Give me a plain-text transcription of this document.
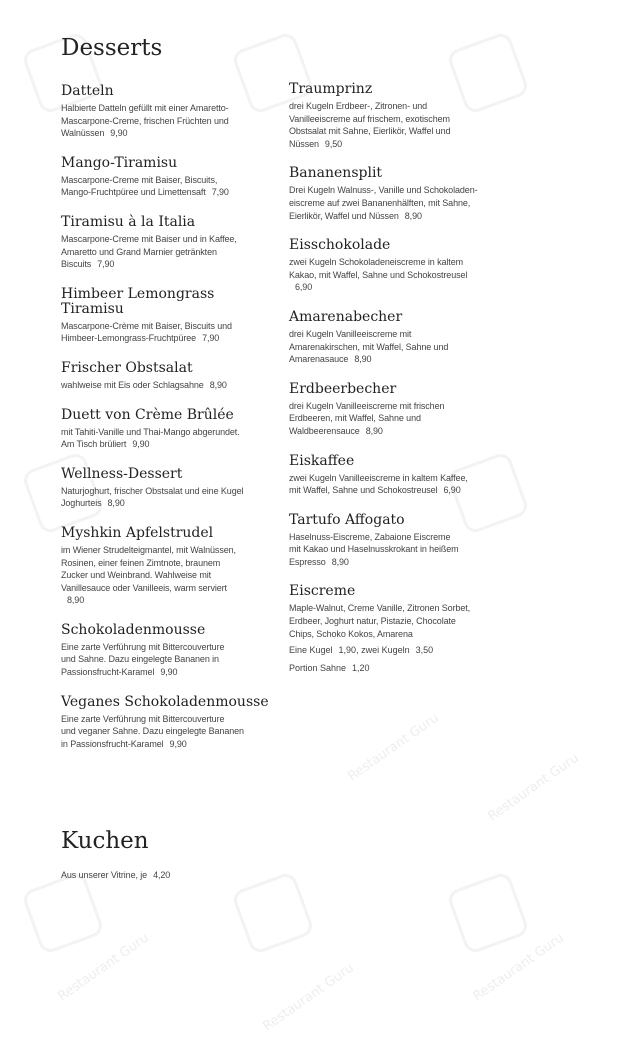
Restaurant Guru
Restaurant Guru
Restaurant Guru	Restaurant Guru	Restaurant Guru
Desserts
Datteln
Halbierte Datteln gefüllt mit einer Amaretto-
Mascarpone-Creme, frischen Früchten und
Walnüssen 9,90
Mango-Tiramisu
Mascarpone-Creme mit Baiser, Biscuits,
Mango-Fruchtpüree und Limettensaft 7,90
Tiramisu à la Italia
Mascarpone-Creme mit Baiser und in Kaffee,
Amaretto und Grand Marnier getränkten
Biscuits 7,90
Himbeer Lemongrass
Tiramisu
Mascarpone-Crème mit Baiser, Biscuits und
Himbeer-Lemongrass-Fruchtpüree 7,90
Frischer Obstsalat
wahlweise mit Eis oder Schlagsahne 8,90
Duett von Crème Brûlée
mit Tahiti-Vanille und Thai-Mango abgerundet.
Am Tisch brüliert 9,90
Wellness-Dessert
Naturjoghurt, frischer Obstsalat und eine Kugel
Joghurteis 8,90
Myshkin Apfelstrudel
im Wiener Strudelteigmantel, mit Walnüssen,
Rosinen, einer feinen Zimtnote, braunem
Zucker und Weinbrand. Wahlweise mit
Vanillesauce oder Vanilleeis, warm serviert
8,90
Schokoladenmousse
Eine zarte Verführung mit Bittercouverture
und Sahne. Dazu eingelegte Bananen in
Passionsfrucht-Karamel 9,90
Veganes Schokoladenmousse
Eine zarte Verführung mit Bittercouverture
und veganer Sahne. Dazu eingelegte Bananen
in Passionsfrucht-Karamel 9,90
Traumprinz
drei Kugeln Erdbeer-, Zitronen- und
Vanilleeiscreme auf frischem, exotischem
Obstsalat mit Sahne, Eierlikör, Waffel und
Nüssen 9,50
Bananensplit
Drei Kugeln Walnuss-, Vanille und Schokoladen-
eiscreme auf zwei Bananenhälften, mit Sahne,
Eierlikör, Waffel und Nüssen 8,90
Eisschokolade
zwei Kugeln Schokoladeneiscreme in kaltem
Kakao, mit Waffel, Sahne und Schokostreusel
6,90
Amarenabecher
drei Kugeln Vanilleeiscreme mit
Amarenakirschen, mit Waffel, Sahne und
Amarenasauce 8,90
Erdbeerbecher
drei Kugeln Vanilleeiscreme mit frischen
Erdbeeren, mit Waffel, Sahne und
Waldbeerensauce 8,90
Eiskaffee
zwei Kugeln Vanilleeiscreme in kaltem Kaffee,
mit Waffel, Sahne und Schokostreusel 6,90
Tartufo Affogato
Haselnuss-Eiscreme, Zabaione Eiscreme
mit Kakao und Haselnusskrokant in heißem
Espresso 8,90
Eiscreme
Maple-Walnut, Creme Vanille, Zitronen Sorbet,
Erdbeer, Joghurt natur, Pistazie, Chocolate
Chips, Schoko Kokos, Amarena
Eine Kugel 1,90, zwei Kugeln 3,50
Portion Sahne 1,20
Kuchen
Aus unserer Vitrine, je 4,20
